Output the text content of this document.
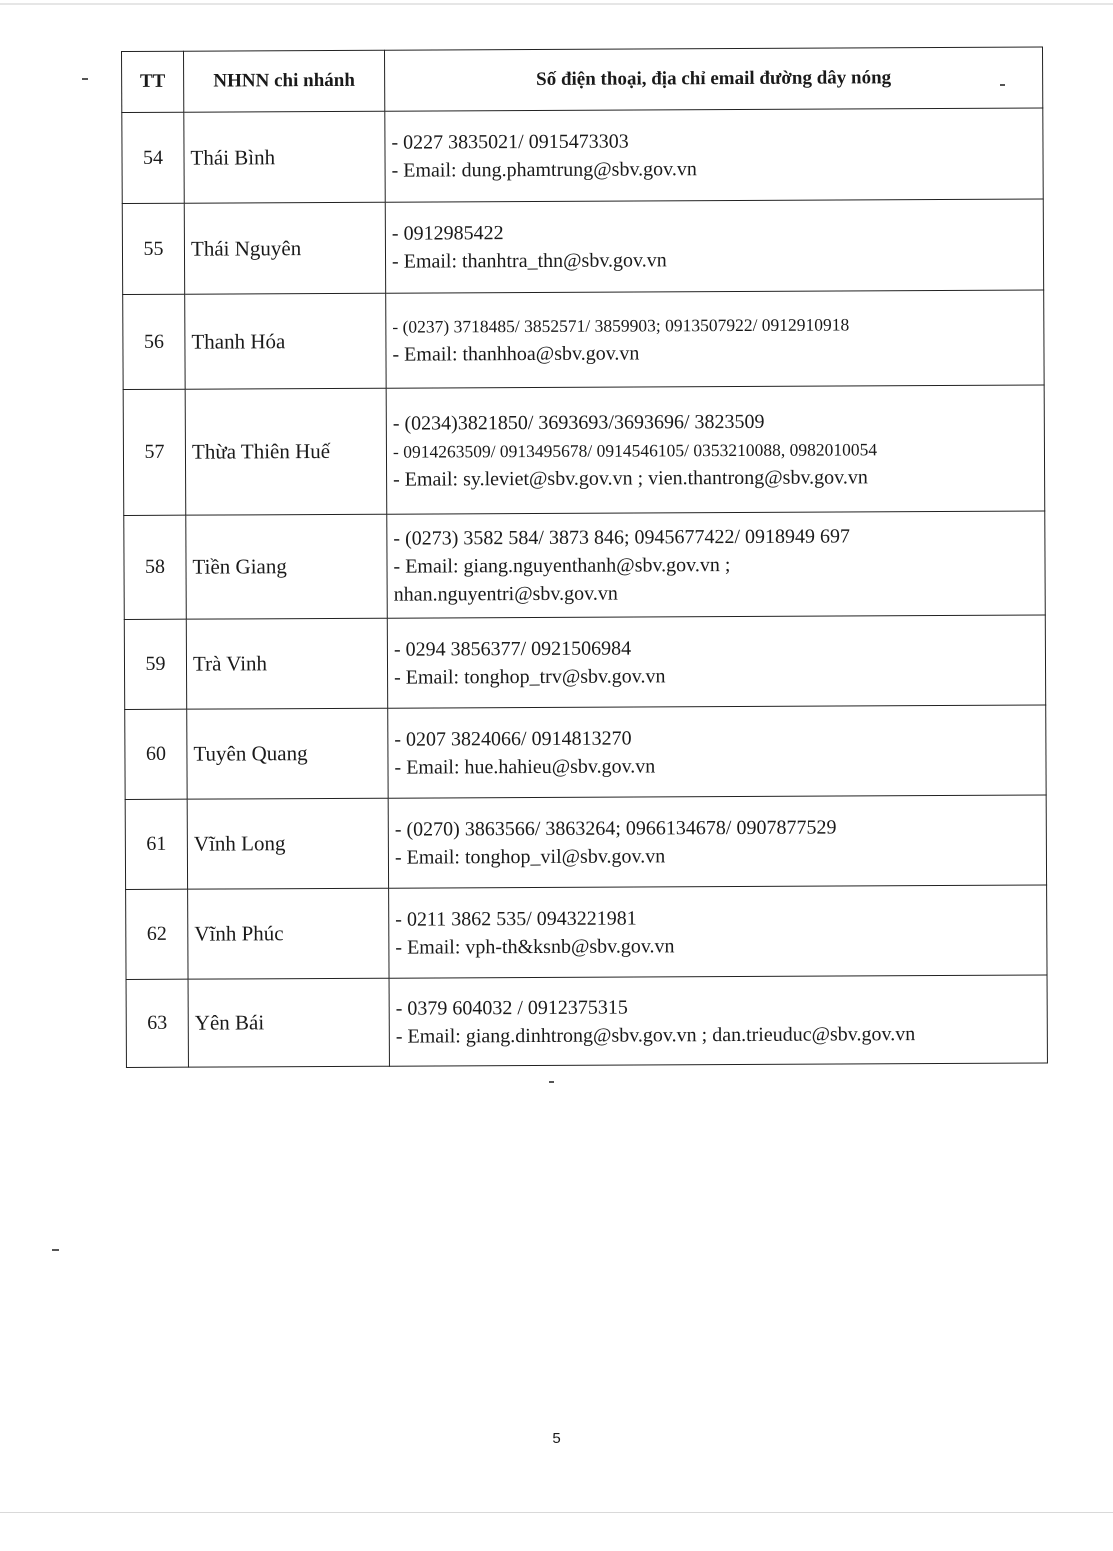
TT	NHNN chi nhánh	Số điện thoại, địa chỉ email đường dây nóng
54	Thái Bình	- 0227 3835021/ 0915473303
- Email: dung.phamtrung@sbv.gov.vn

55	Thái Nguyên	- 0912985422
- Email: thanhtra_thn@sbv.gov.vn

56	Thanh Hóa	- (0237) 3718485/ 3852571/ 3859903; 0913507922/ 0912910918
- Email: thanhhoa@sbv.gov.vn

57	Thừa Thiên Huế	- (0234)3821850/ 3693693/3693696/ 3823509
- 0914263509/ 0913495678/ 0914546105/ 0353210088, 0982010054
- Email: sy.leviet@sbv.gov.vn ; vien.thantrong@sbv.gov.vn

58	Tiền Giang	- (0273) 3582 584/ 3873 846; 0945677422/ 0918949 697
- Email: giang.nguyenthanh@sbv.gov.vn ;
nhan.nguyentri@sbv.gov.vn

59	Trà Vinh	- 0294 3856377/ 0921506984
- Email: tonghop_trv@sbv.gov.vn

60	Tuyên Quang	- 0207 3824066/ 0914813270
- Email: hue.hahieu@sbv.gov.vn

61	Vĩnh Long	- (0270) 3863566/ 3863264; 0966134678/ 0907877529
- Email: tonghop_vil@sbv.gov.vn

62	Vĩnh Phúc	- 0211 3862 535/ 0943221981
- Email: vph-th&ksnb@sbv.gov.vn

63	Yên Bái	- 0379 604032 / 0912375315
- Email: giang.dinhtrong@sbv.gov.vn ; dan.trieuduc@sbv.gov.vn
5
